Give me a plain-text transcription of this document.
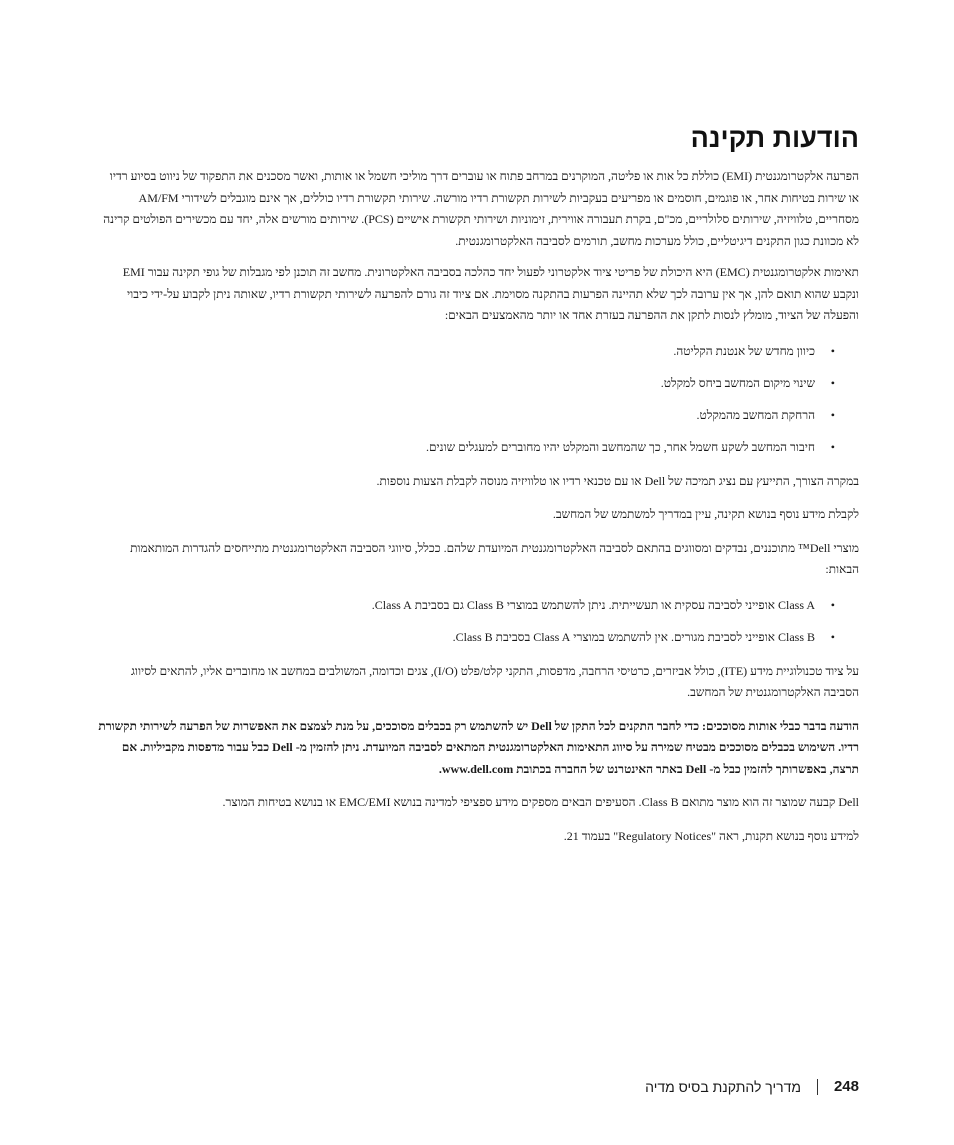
הודעות תקינה

הפרעה אלקטרומגנטית (EMI) כוללת כל אות או פליטה, המוקרנים במרחב פתוח או עוברים דרך מוליכי חשמל או אותות, ואשר מסכנים את התפקוד של ניווט בסיוע רדיו או שירות בטיחות אחר, או פוגמים, חוסמים או מפריעים בעקביות לשירות תקשורת רדיו מורשה. שירותי תקשורת רדיו כוללים, אך אינם מוגבלים לשידורי AM/FM מסחריים, טלוויזיה, שירותים סלולריים, מכ"ם, בקרת תעבורה אווירית, זימוניות ושירותי תקשורת אישיים (PCS). שירותים מורשים אלה, יחד עם מכשירים הפולטים קרינה לא מכוונת כגון התקנים דיגיטליים, כולל מערכות מחשב, תורמים לסביבה האלקטרומגנטית.

תאימות אלקטרומגנטית (EMC) היא היכולת של פריטי ציוד אלקטרוני לפעול יחד כהלכה בסביבה האלקטרונית. מחשב זה תוכנן לפי מגבלות של גופי תקינה עבור EMI ונקבע שהוא תואם להן, אך אין ערובה לכך שלא תהיינה הפרעות בהתקנה מסוימת. אם ציוד זה גורם להפרעה לשירותי תקשורת רדיו, שאותה ניתן לקבוע על-ידי כיבוי והפעלה של הציוד, מומלץ לנסות לתקן את ההפרעה בעזרת אחד או יותר מהאמצעים הבאים:

•
כיוון מחדש של אנטנת הקליטה.
•
שינוי מיקום המחשב ביחס למקלט.
•
הרחקת המחשב מהמקלט.
•
חיבור המחשב לשקע חשמל אחר, כך שהמחשב והמקלט יהיו מחוברים למעגלים שונים.

במקרה הצורך, התייעץ עם נציג תמיכה של Dell או עם טכנאי רדיו או טלוויזיה מנוסה לקבלת הצעות נוספות.

לקבלת מידע נוסף בנושא תקינה, עיין במדריך למשתמש של המחשב.

מוצרי Dell™ מתוכננים, נבדקים ומסווגים בהתאם לסביבה האלקטרומגנטית המיועדת שלהם. ככלל, סיווגי הסביבה האלקטרומגנטית מתייחסים להגדרות המותאמות הבאות:

•
Class A אופייני לסביבה עסקית או תעשייתית. ניתן להשתמש במוצרי Class B גם בסביבת Class A.
•
Class B אופייני לסביבת מגורים. אין להשתמש במוצרי Class A בסביבת Class B.

על ציוד טכנולוגיית מידע (ITE), כולל אביזרים, כרטיסי הרחבה, מדפסות, התקני קלט/פלט (I/O), צגים וכדומה, המשולבים במחשב או מחוברים אליו, להתאים לסיווג הסביבה האלקטרומגנטית של המחשב.

הודעה בדבר כבלי אותות מסוככים: כדי לחבר התקנים לכל התקן של Dell יש להשתמש רק בכבלים מסוככים, על מנת לצמצם את האפשרות של הפרעה לשירותי תקשורת רדיו. השימוש בכבלים מסוככים מבטיח שמירה על סיווג התאימות האלקטרומגנטית המתאים לסביבה המיועדת. ניתן להזמין מ- Dell כבל עבור מדפסות מקביליות. אם תרצה, באפשרותך להזמין כבל מ- Dell באתר האינטרנט של החברה בכתובת www.dell.com.

Dell קבעה שמוצר זה הוא מוצר מתואם Class B. הסעיפים הבאים מספקים מידע ספציפי למדינה בנושא EMC/EMI או בנושא בטיחות המוצר.

למידע נוסף בנושא תקנות, ראה "Regulatory Notices" בעמוד 21.

248
מדריך להתקנת בסיס מדיה
